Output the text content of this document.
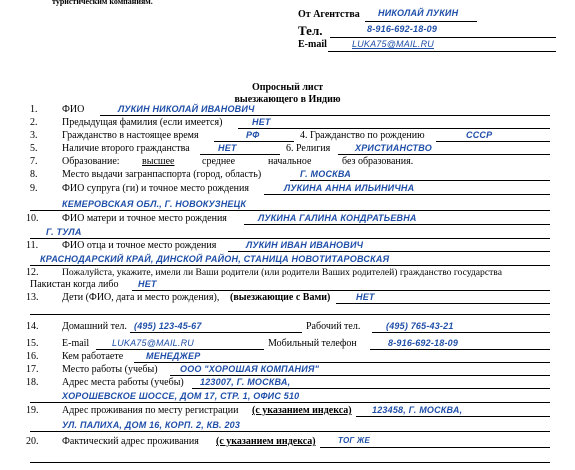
туристическим компаниям.
От Агентства НИКОЛАЙ ЛУКИН
Тел.	8-916-692-18-09
E-mail	LUKA75@MAIL.RU
Опросный лист
выезжающего в Индию
1. ФИО	ЛУКИН НИКОЛАЙ ИВАНОВИЧ
2. Предыдущая фамилия (если имеется)	НЕТ
3. Гражданство в настоящее время	РФ	4. Гражданство по рождению	СССР
5. Наличие второго гражданства	НЕТ	6. Религия	ХРИСТИАНСТВО
7. Образование: высшее	среднее	начальное	без образования.
8. Место выдачи загранпаспорта (город, область)	Г. МОСКВА
9. ФИО супруга (ги) и точное место рождения	ЛУКИНА АННА ИЛЬИНИЧНА
КЕМЕРОВСКАЯ ОБЛ., Г. НОВОКУЗНЕЦК
10. ФИО матери и точное место рождения	ЛУКИНА ГАЛИНА КОНДРАТЬЕВНА
Г. ТУЛА
11. ФИО отца и точное место рождения	ЛУКИН ИВАН ИВАНОВИЧ
КРАСНОДАРСКИЙ КРАЙ, ДИНСКОЙ РАЙОН, СТАНИЦА НОВОТИТАРОВСКАЯ
12. Пожалуйста, укажите, имели ли Ваши родители (или родители Ваших родителей) гражданство государства
Пакистан когда либо НЕТ
13. Дети (ФИО, дата и место рождения), (выезжающие с Вами)	НЕТ
14. Домашний тел. (495) 123-45-67	Рабочий тел.	(495) 765-43-21
15. E-mail	LUKA75@MAIL.RU	Мобильный телефон	8-916-692-18-09
16. Кем работаете	МЕНЕДЖЕР
17. Место работы (учебы) ООО "ХОРОШАЯ КОМПАНИЯ"
18. Адрес места работы (учебы) 123007, Г. МОСКВА,
ХОРОШЕВСКОЕ ШОССЕ, ДОМ 17, СТР. 1, ОФИС 510
19. Адрес проживания по месту регистрации (с указанием индекса) 123458, Г. МОСКВА,
УЛ. ПАЛИХА, ДОМ 16, КОРП. 2, КВ. 203
20. Фактический адрес проживания (с указанием индекса)	ТОГ ЖЕ
